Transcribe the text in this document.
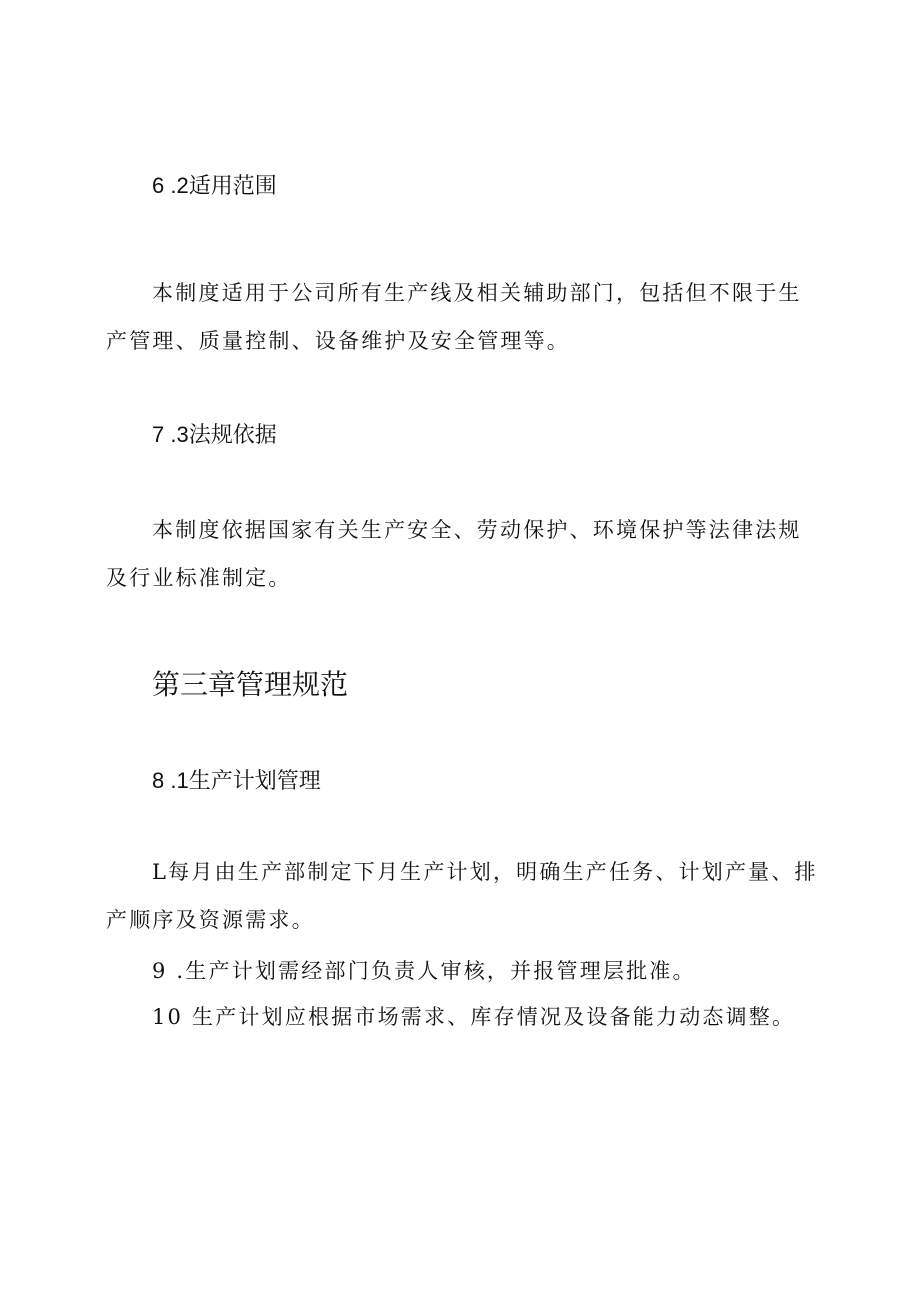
6 .2适用范围
本制度适用于公司所有生产线及相关辅助部门，包括但不限于生
产管理、质量控制、设备维护及安全管理等。
7 .3法规依据
本制度依据国家有关生产安全、劳动保护、环境保护等法律法规
及行业标准制定。
第三章管理规范
8 .1生产计划管理
L每月由生产部制定下月生产计划，明确生产任务、计划产量、排
产顺序及资源需求。
9 .生产计划需经部门负责人审核，并报管理层批准。
10 生产计划应根据市场需求、库存情况及设备能力动态调整。
